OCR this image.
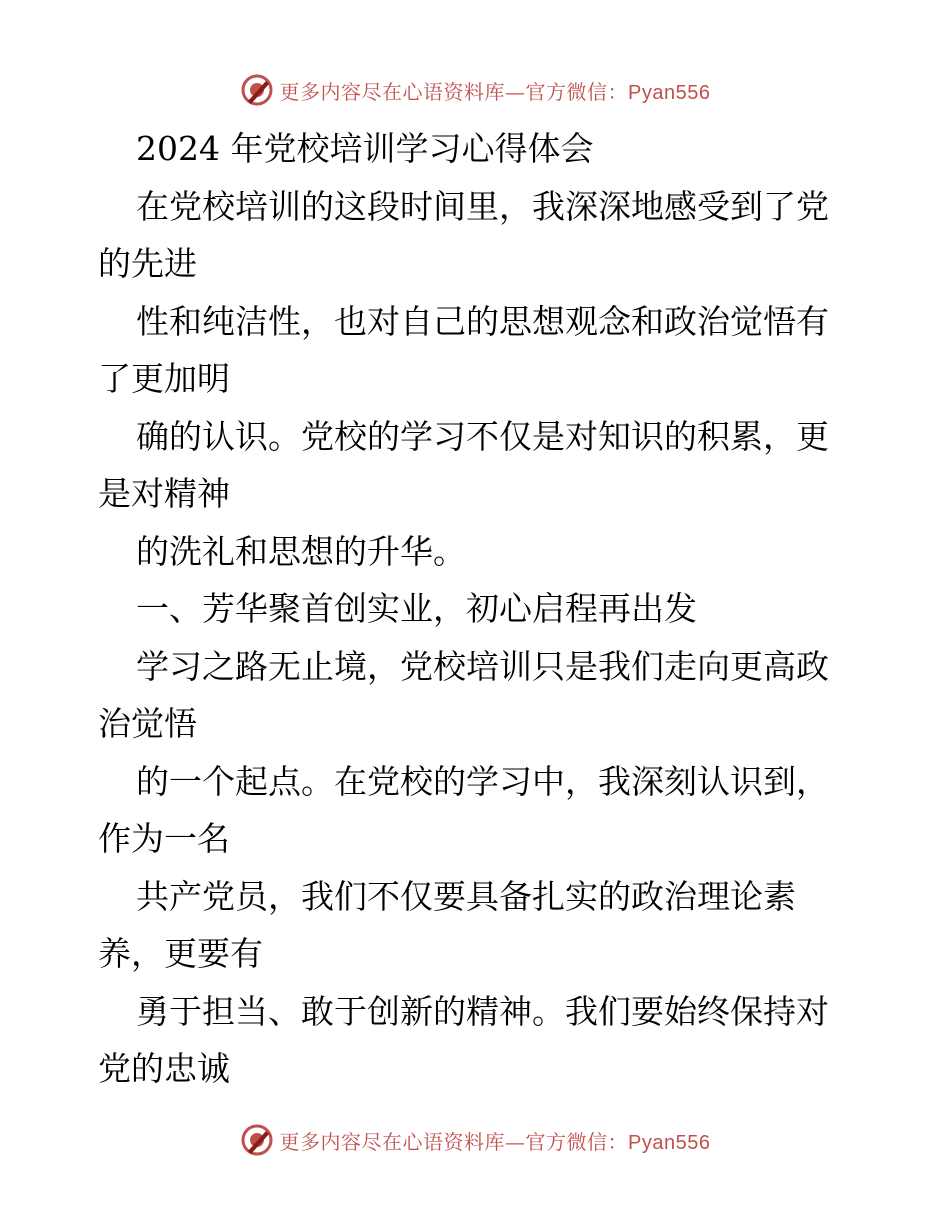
更多内容尽在心语资料库—官方微信：Pyan556
2024 年党校培训学习心得体会
在党校培训的这段时间里，我深深地感受到了党
的先进
性和纯洁性，也对自己的思想观念和政治觉悟有
了更加明
确的认识。党校的学习不仅是对知识的积累，更
是对精神
的洗礼和思想的升华。
一、芳华聚首创实业，初心启程再出发
学习之路无止境，党校培训只是我们走向更高政
治觉悟
的一个起点。在党校的学习中，我深刻认识到，
作为一名
共产党员，我们不仅要具备扎实的政治理论素
养，更要有
勇于担当、敢于创新的精神。我们要始终保持对
党的忠诚
更多内容尽在心语资料库—官方微信：Pyan556
